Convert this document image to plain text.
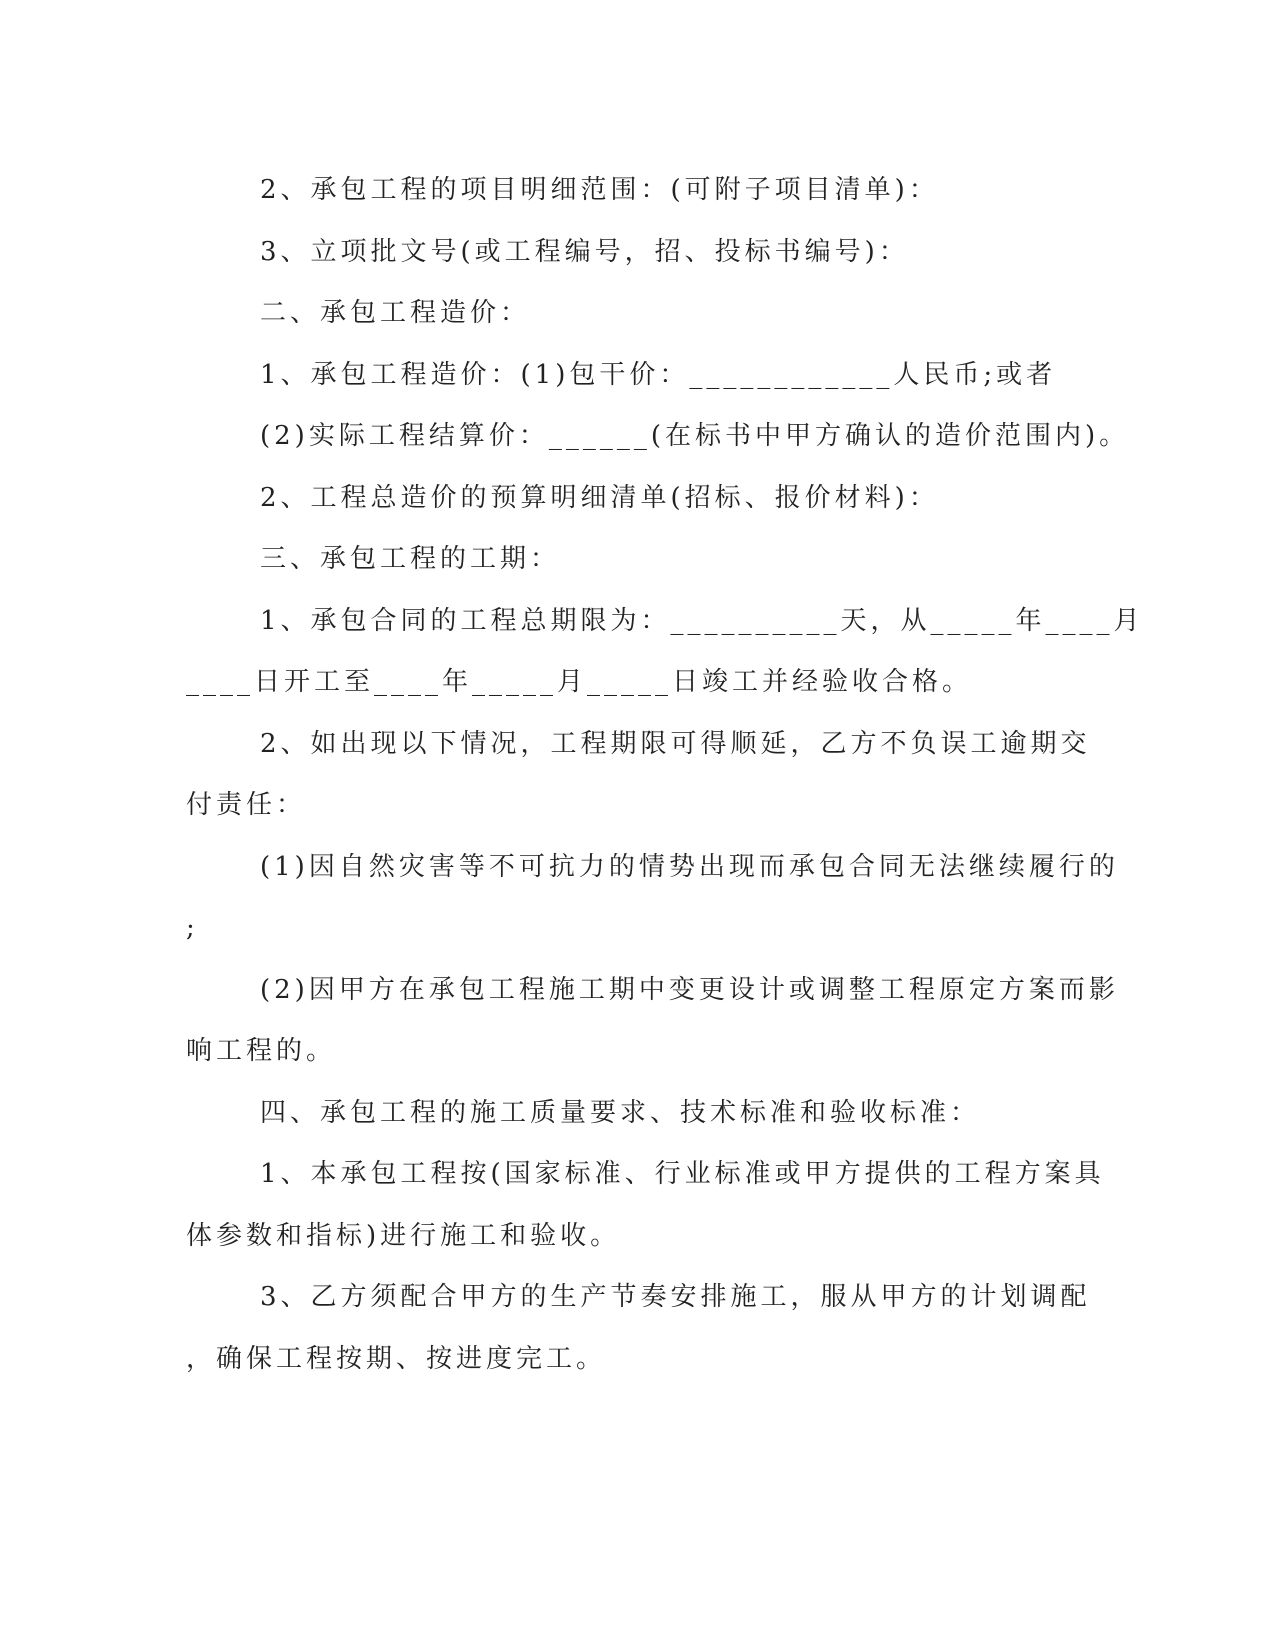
2、承包工程的项目明细范围：(可附子项目清单)：
3、立项批文号(或工程编号，招、投标书编号)：
二、承包工程造价：
1、承包工程造价：(1)包干价：____________人民币;或者
(2)实际工程结算价：______(在标书中甲方确认的造价范围内)。
2、工程总造价的预算明细清单(招标、报价材料)：
三、承包工程的工期：
1、承包合同的工程总期限为：__________天，从_____年____月
____日开工至____年_____月_____日竣工并经验收合格。
2、如出现以下情况，工程期限可得顺延，乙方不负误工逾期交
付责任：
(1)因自然灾害等不可抗力的情势出现而承包合同无法继续履行的
;
(2)因甲方在承包工程施工期中变更设计或调整工程原定方案而影
响工程的。
四、承包工程的施工质量要求、技术标准和验收标准：
1、本承包工程按(国家标准、行业标准或甲方提供的工程方案具
体参数和指标)进行施工和验收。
3、乙方须配合甲方的生产节奏安排施工，服从甲方的计划调配
，确保工程按期、按进度完工。
